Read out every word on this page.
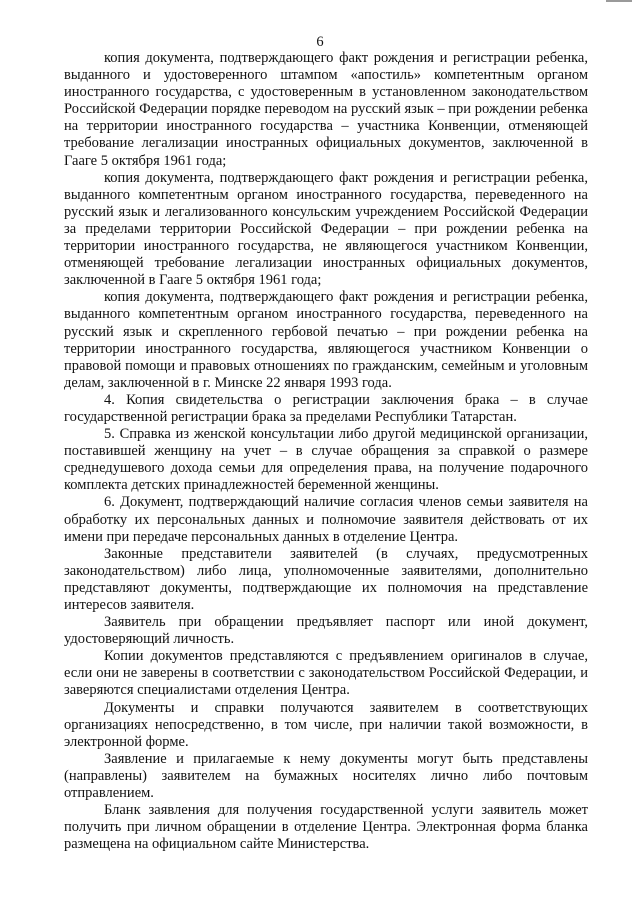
6

копия документа, подтверждающего факт рождения и регистрации ребенка, выданного и удостоверенного штампом «апостиль» компетентным органом иностранного государства, с удостоверенным в установленном законодательством Российской Федерации порядке переводом на русский язык – при рождении ребенка на территории иностранного государства – участника Конвенции, отменяющей требование легализации иностранных официальных документов, заключенной в Гааге 5 октября 1961 года;

копия документа, подтверждающего факт рождения и регистрации ребенка, выданного компетентным органом иностранного государства, переведенного на русский язык и легализованного консульским учреждением Российской Федерации за пределами территории Российской Федерации – при рождении ребенка на территории иностранного государства, не являющегося участником Конвенции, отменяющей требование легализации иностранных официальных документов, заключенной в Гааге 5 октября 1961 года;

копия документа, подтверждающего факт рождения и регистрации ребенка, выданного компетентным органом иностранного государства, переведенного на русский язык и скрепленного гербовой печатью – при рождении ребенка на территории иностранного государства, являющегося участником Конвенции о правовой помощи и правовых отношениях по гражданским, семейным и уголовным делам, заключенной в г. Минске 22 января 1993 года.

4. Копия свидетельства о регистрации заключения брака – в случае государственной регистрации брака за пределами Республики Татарстан.

5. Справка из женской консультации либо другой медицинской организации, поставившей женщину на учет – в случае обращения за справкой о размере среднедушевого дохода семьи для определения права, на получение подарочного комплекта детских принадлежностей беременной женщины.

6. Документ, подтверждающий наличие согласия членов семьи заявителя на обработку их персональных данных и полномочие заявителя действовать от их имени при передаче персональных данных в отделение Центра.

Законные представители заявителей (в случаях, предусмотренных законодательством) либо лица, уполномоченные заявителями, дополнительно представляют документы, подтверждающие их полномочия на представление интересов заявителя.

Заявитель при обращении предъявляет паспорт или иной документ, удостоверяющий личность.

Копии документов представляются с предъявлением оригиналов в случае, если они не заверены в соответствии с законодательством Российской Федерации, и заверяются специалистами отделения Центра.

Документы и справки получаются заявителем в соответствующих организациях непосредственно, в том числе, при наличии такой возможности, в электронной форме.

Заявление и прилагаемые к нему документы могут быть представлены (направлены) заявителем на бумажных носителях лично либо почтовым отправлением.

Бланк заявления для получения государственной услуги заявитель может получить при личном обращении в отделение Центра. Электронная форма бланка размещена на официальном сайте Министерства.
